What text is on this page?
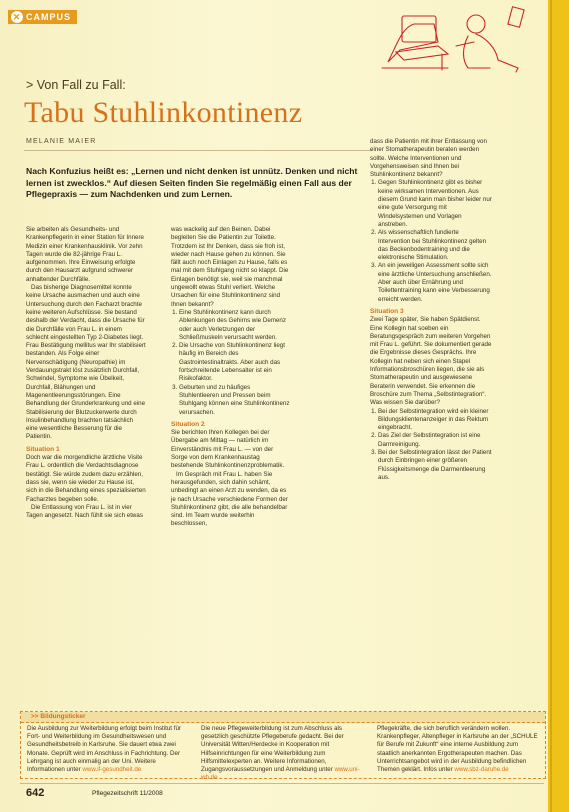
✕ CAMPUS
> Von Fall zu Fall:
Tabu Stuhlinkontinenz
MELANIE MAIER
Nach Konfuzius heißt es: „Lernen und nicht denken ist unnütz. Denken und nicht lernen ist zwecklos.“ Auf diesen Seiten finden Sie regelmäßig einen Fall aus der Pflegepraxis — zum Nachdenken und zum Lernen.

Sie arbeiten als Gesundheits- und Krankenpflegerin in einer Station für Innere Medizin einer Krankenhausklinik. Vor zehn Tagen wurde die 82-jährige Frau L. aufgenommen. Ihre Einweisung erfolgte durch den Hausarzt aufgrund schwerer anhaltender Durchfälle.

Das bisherige Diagnosemittel konnte keine Ursache ausmachen und auch eine Untersuchung durch den Facharzt brachte keine weiteren Aufschlüsse. Sie bestand deshalb der Verdacht, dass die Ursache für die Durchfälle von Frau L. in einem schlecht eingestellten Typ 2-Diabetes liegt. Frau Bestätigung mellitus war Ihr stabilisiert bestanden. Als Folge einer Nervenschädigung (Neuropathie) im Verdauungstrakt löst zusätzlich Durchfall, Schwindel, Symptome wie Übelkeit, Durchfall, Blähungen und Magenentleerungsstörungen. Eine Behandlung der Grunderkrankung und eine Stabilisierung der Blutzuckerwerte durch Insulinbehandlung brachten tatsächlich eine wesentliche Besserung für die Patientin.

Situation 1

Doch war die morgendliche ärztliche Visite Frau L. ordentlich die Verdachtsdiagnose bestätigt. Sie würde zudem dazu erzählen, dass sie, wenn sie wieder zu Hause ist, sich in die Behandlung eines spezialisierten Facharztes begeben solle.

Die Entlassung von Frau L. ist in vier Tagen angesetzt. Nach fühlt sie sich etwas

was wackelig auf den Beinen. Dabei begleiten Sie die Patientin zur Toilette. Trotzdem ist Ihr Denken, dass sie froh ist, wieder nach Hause gehen zu können. Sie fällt auch noch Einlagen zu Hause, falls es mal mit dem Stuhlgang nicht so klappt. Die Einlagen benötigt sie, weil sie manchmal ungewollt etwas Stuhl verliert. Welche Ursachen für eine Stuhlinkontinenz sind Ihnen bekannt?

1. Eine Stuhlinkontinenz kann durch Ablenkungen des Gehirns wie Demenz oder auch Verletzungen der Schließmuskeln verursacht werden.
2. Die Ursache von Stuhlinkontinenz liegt häufig im Bereich des Gastrointestinaltrakts. Aber auch das fortschreitende Lebensalter ist ein Risikofaktor.
3. Geburten und zu häufiges Stuhlentleeren und Pressen beim Stuhlgang können eine Stuhlinkontinenz verursachen.
Situation 2

Sie berichten Ihren Kollegen bei der Übergabe am Mittag — natürlich im Einverständnis mit Frau L. — von der Sorge von dem Krankenhaustag bestehende Stuhlinkontinenzproblematik.

Im Gespräch mit Frau L. haben Sie herausgefunden, sich dahin schämt, unbedingt an einen Arzt zu wenden, da es je nach Ursache verschiedene Formen der Stuhlinkontinenz gibt, die alle behandelbar sind. Im Team wurde weiterhin beschlossen,

dass die Patientin mit ihrer Entlassung von einer Stomatherapeutin beraten werden sollte. Welche Interventionen und Vorgehensweisen sind Ihnen bei Stuhlinkontinenz bekannt?

1. Gegen Stuhlinkontinenz gibt es bisher keine wirksamen Interventionen. Aus diesem Grund kann man bisher leider nur eine gute Versorgung mit Windelsystemen und Vorlagen anstreben.
2. Als wissenschaftlich fundierte Intervention bei Stuhlinkontinenz gelten das Beckenbodentraining und die elektronische Stimulation.
3. An ein jeweiligen Assessment sollte sich eine ärztliche Untersuchung anschließen. Aber auch über Ernährung und Toilettentraining kann eine Verbesserung erreicht werden.
Situation 3

Zwei Tage später, Sie haben Spätdienst. Eine Kollegin hat soeben ein Beratungsgespräch zum weiteren Vorgehen mit Frau L. geführt. Sie dokumentiert gerade die Ergebnisse dieses Gesprächs. Ihre Kollegin hat neben sich einen Stapel Informationsbroschüren liegen, die sie als Stomatherapeutin und ausgewiesene Beraterin verwendet. Sie erkennen die Broschüre zum Thema „Selbstintegration“. Was wissen Sie darüber?

1. Bei der Selbstintegration wird ein kleiner Bildungsklientenanzeiger in das Rektum eingebracht.
2. Das Ziel der Selbstintegration ist eine Darmreinigung.
3. Bei der Selbstintegration lässt der Patient durch Einbringen einer größeren Flüssigkeitsmenge die Darmentleerung aus.
>> Bildungsticker
Die Ausbildung zur Weiterbildung erfolgt beim Institut für Fort- und Weiterbildung im Gesundheitswesen und Gesundheitsbetreib in Karlsruhe. Sie dauert etwa zwei Monate. Geprüft wird im Anschluss in Fachrichtung. Der Lehrgang ist auch einmalig an der Uni. Weitere Informationen unter www.if-gesundheit.de
Die neue Pflegeweiterbildung ist zum Abschluss als gesetzlich geschützte Pflegeberufe gedacht. Bei der Universität Witten/Herdecke in Kooperation mit Hilfseinrichtungen für eine Weiterbildung zum Hilfsmittelexperten an. Weitere Informationen, Zugangsvoraussetzungen und Anmeldung unter www.uni-wh.de
Pflegekräfte, die sich beruflich verändern wollen. Krankenpfleger, Altenpfleger in Karlsruhe an der „SCHULE für Berufe mit Zukunft“ eine interne Ausbildung zum staatlich anerkannten Ergotherapeuten machen. Das Unterrichtsangebot wird in der Ausbildung befindlichen Themen geklärt. Infos unter www.sbz-daruhe.de
642	Pflegezeitschrift 11/2008
